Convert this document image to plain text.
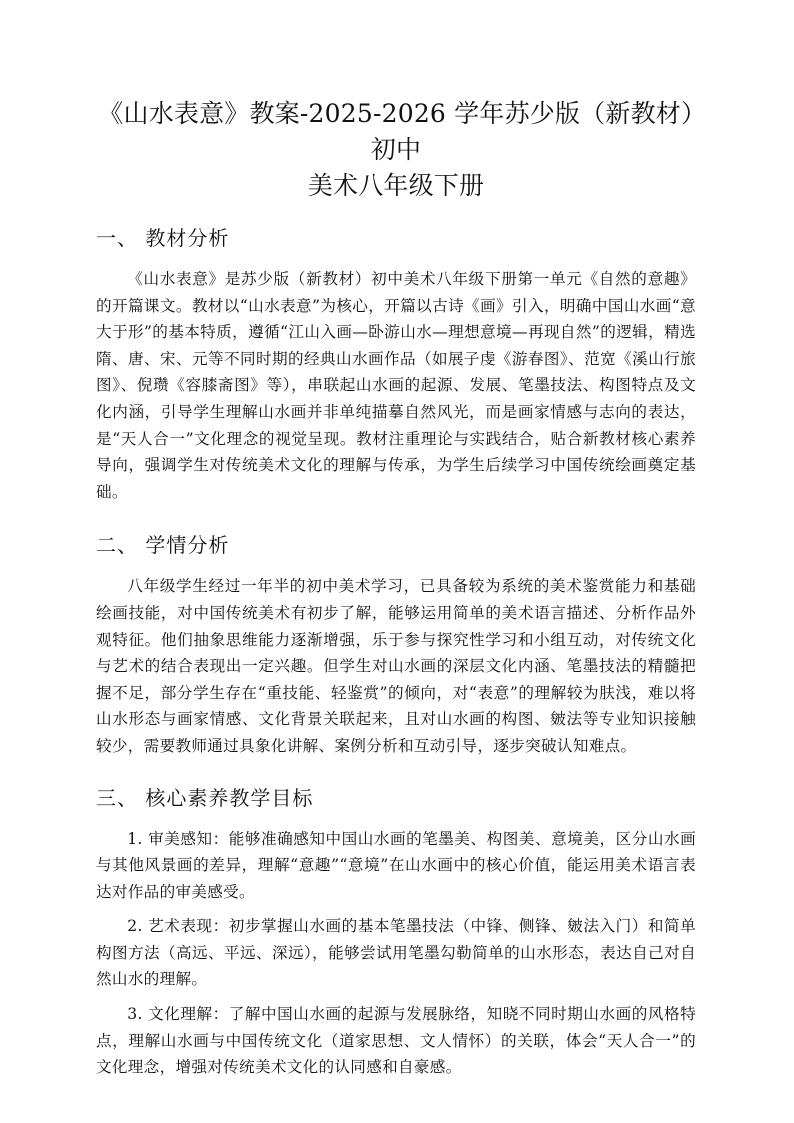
《山水表意》教案-2025-2026 学年苏少版（新教材）初中
美术八年级下册
一、 教材分析

《山水表意》是苏少版（新教材）初中美术八年级下册第一单元《自然的意趣》的开篇课文。教材以“山水表意”为核心，开篇以古诗《画》引入，明确中国山水画“意大于形”的基本特质，遵循“江山入画—卧游山水—理想意境—再现自然”的逻辑，精选隋、唐、宋、元等不同时期的经典山水画作品（如展子虔《游春图》、范宽《溪山行旅图》、倪瓒《容膝斋图》等），串联起山水画的起源、发展、笔墨技法、构图特点及文化内涵，引导学生理解山水画并非单纯描摹自然风光，而是画家情感与志向的表达，是“天人合一”文化理念的视觉呈现。教材注重理论与实践结合，贴合新教材核心素养导向，强调学生对传统美术文化的理解与传承，为学生后续学习中国传统绘画奠定基础。

二、 学情分析

八年级学生经过一年半的初中美术学习，已具备较为系统的美术鉴赏能力和基础绘画技能，对中国传统美术有初步了解，能够运用简单的美术语言描述、分析作品外观特征。他们抽象思维能力逐渐增强，乐于参与探究性学习和小组互动，对传统文化与艺术的结合表现出一定兴趣。但学生对山水画的深层文化内涵、笔墨技法的精髓把握不足，部分学生存在“重技能、轻鉴赏”的倾向，对“表意”的理解较为肤浅，难以将山水形态与画家情感、文化背景关联起来，且对山水画的构图、皴法等专业知识接触较少，需要教师通过具象化讲解、案例分析和互动引导，逐步突破认知难点。

三、 核心素养教学目标

1. 审美感知：能够准确感知中国山水画的笔墨美、构图美、意境美，区分山水画与其他风景画的差异，理解“意趣”“意境”在山水画中的核心价值，能运用美术语言表达对作品的审美感受。

2. 艺术表现：初步掌握山水画的基本笔墨技法（中锋、侧锋、皴法入门）和简单构图方法（高远、平远、深远），能够尝试用笔墨勾勒简单的山水形态，表达自己对自然山水的理解。

3. 文化理解：了解中国山水画的起源与发展脉络，知晓不同时期山水画的风格特点，理解山水画与中国传统文化（道家思想、文人情怀）的关联，体会“天人合一”的文化理念，增强对传统美术文化的认同感和自豪感。
